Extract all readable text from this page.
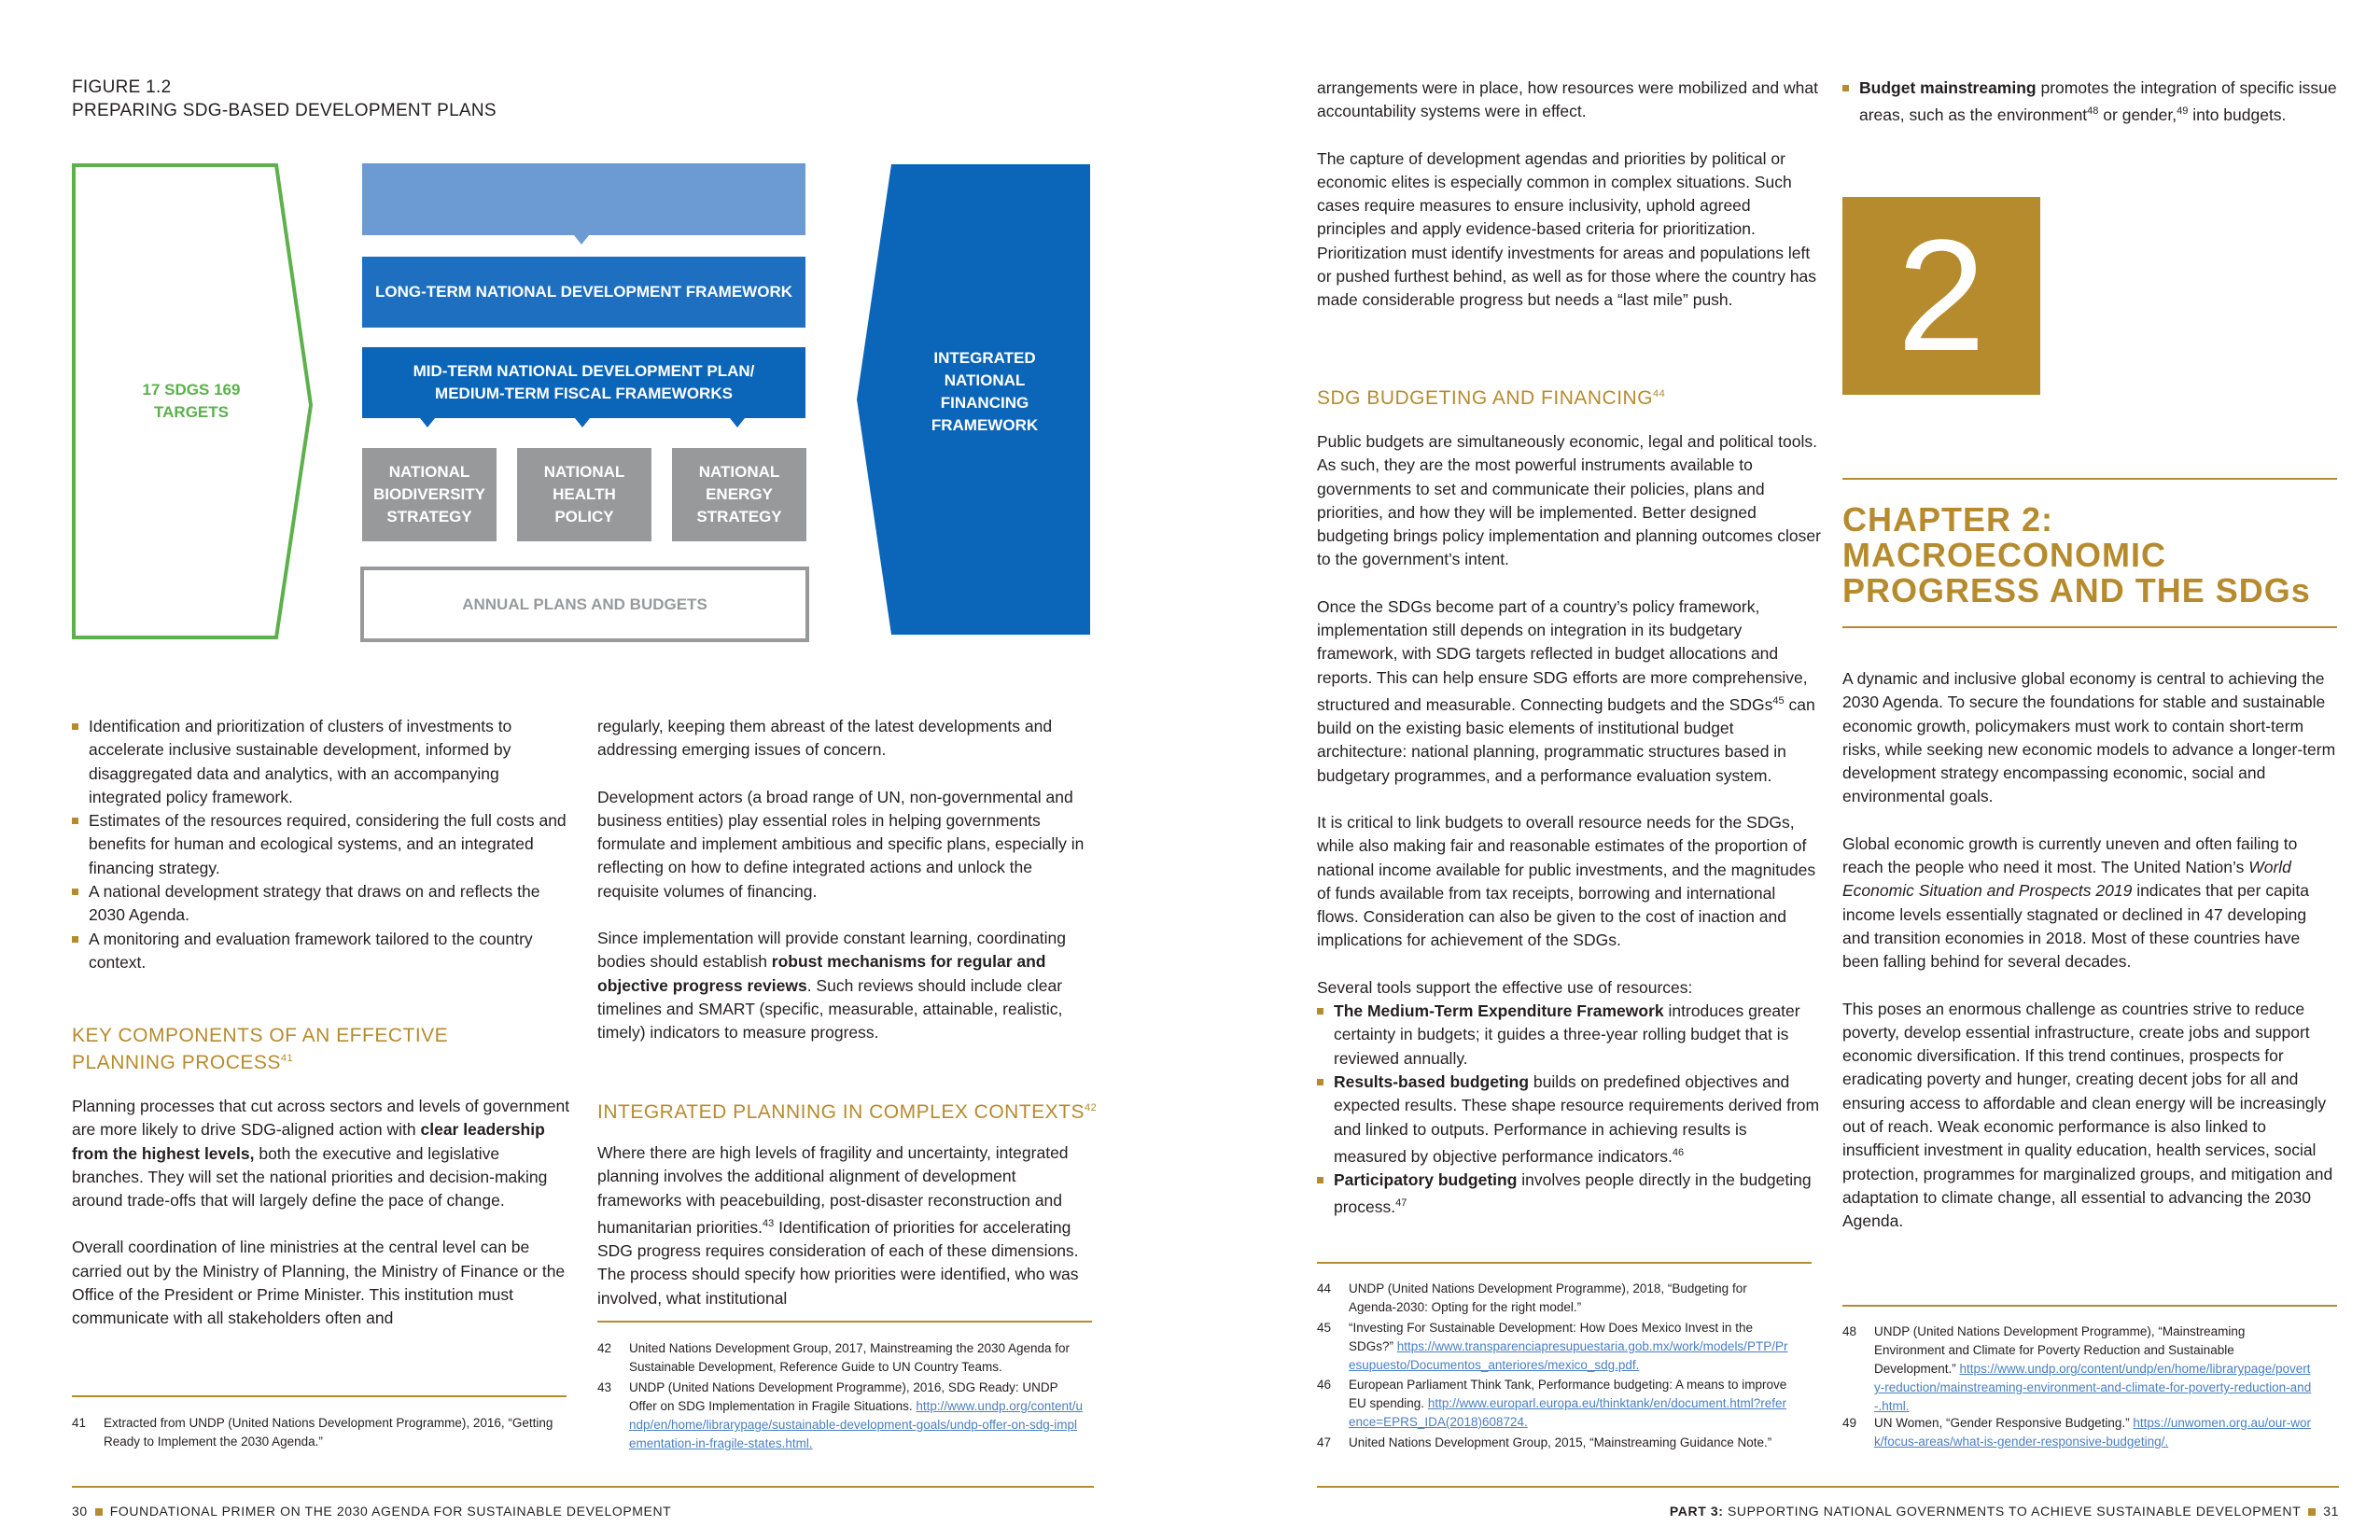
FIGURE 1.2
PREPARING SDG-BASED DEVELOPMENT PLANS
17 SDGS 169 TARGETS
LONG-TERM NATIONAL DEVELOPMENT FRAMEWORK
MID-TERM NATIONAL DEVELOPMENT PLAN/
MEDIUM-TERM FISCAL FRAMEWORKS
NATIONAL BIODIVERSITY STRATEGY
NATIONAL HEALTH POLICY
NATIONAL ENERGY STRATEGY
ANNUAL PLANS AND BUDGETS
INTEGRATED NATIONAL FINANCING FRAMEWORK
Identification and prioritization of clusters of investments to accelerate inclusive sustainable development, informed by disaggregated data and analytics, with an accompanying integrated policy framework.
Estimates of the resources required, considering the full costs and benefits for human and ecological systems, and an integrated financing strategy.
A national development strategy that draws on and reflects the 2030 Agenda.
A monitoring and evaluation framework tailored to the country context.
KEY COMPONENTS OF AN EFFECTIVE PLANNING PROCESS$^{41}$

Planning processes that cut across sectors and levels of government are more likely to drive SDG-aligned action with clear leadership from the highest levels, both the executive and legislative branches. They will set the national priorities and decision-making around trade-offs that will largely define the pace of change.

Overall coordination of line ministries at the central level can be carried out by the Ministry of Planning, the Ministry of Finance or the Office of the President or Prime Minister. This institution must communicate with all stakeholders often and

regularly, keeping them abreast of the latest developments and addressing emerging issues of concern.

Development actors (a broad range of UN, non-governmental and business entities) play essential roles in helping governments formulate and implement ambitious and specific plans, especially in reflecting on how to define integrated actions and unlock the requisite volumes of financing.

Since implementation will provide constant learning, coordinating bodies should establish robust mechanisms for regular and objective progress reviews. Such reviews should include clear timelines and SMART (specific, measurable, attainable, realistic, timely) indicators to measure progress.

INTEGRATED PLANNING IN COMPLEX CONTEXTS$^{42}$

Where there are high levels of fragility and uncertainty, integrated planning involves the additional alignment of development frameworks with peacebuilding, post-disaster reconstruction and humanitarian priorities.$^{43}$ Identification of priorities for accelerating SDG progress requires consideration of each of these dimensions. The process should specify how priorities were identified, who was involved, what institutional

41 Extracted from UNDP (United Nations Development Programme), 2016, “Getting Ready to Implement the 2030 Agenda.”
42 United Nations Development Group, 2017, Mainstreaming the 2030 Agenda for Sustainable Development, Reference Guide to UN Country Teams.
43 UNDP (United Nations Development Programme), 2016, SDG Ready: UNDP Offer on SDG Implementation in Fragile Situations. http://www.undp.org/content/undp/en/home/librarypage/sustainable-development-goals/undp-offer-on-sdg-implementation-in-fragile-states.html.
30 FOUNDATIONAL PRIMER ON THE 2030 AGENDA FOR SUSTAINABLE DEVELOPMENT

arrangements were in place, how resources were mobilized and what accountability systems were in effect.

The capture of development agendas and priorities by political or economic elites is especially common in complex situations. Such cases require measures to ensure inclusivity, uphold agreed principles and apply evidence-based criteria for prioritization. Prioritization must identify investments for areas and populations left or pushed furthest behind, as well as for those where the country has made considerable progress but needs a “last mile” push.

SDG BUDGETING AND FINANCING$^{44}$

Public budgets are simultaneously economic, legal and political tools. As such, they are the most powerful instruments available to governments to set and communicate their policies, plans and priorities, and how they will be implemented. Better designed budgeting brings policy implementation and planning outcomes closer to the government’s intent.

Once the SDGs become part of a country’s policy framework, implementation still depends on integration in its budgetary framework, with SDG targets reflected in budget allocations and reports. This can help ensure SDG efforts are more comprehensive, structured and measurable. Connecting budgets and the SDGs$^{45}$ can build on the existing basic elements of institutional budget architecture: national planning, programmatic structures based in budgetary programmes, and a performance evaluation system.

It is critical to link budgets to overall resource needs for the SDGs, while also making fair and reasonable estimates of the proportion of national income available for public investments, and the magnitudes of funds available from tax receipts, borrowing and international flows. Consideration can also be given to the cost of inaction and implications for achievement of the SDGs.

Several tools support the effective use of resources:

The Medium-Term Expenditure Framework introduces greater certainty in budgets; it guides a three-year rolling budget that is reviewed annually.
Results-based budgeting builds on predefined objectives and expected results. These shape resource requirements derived from and linked to outputs. Performance in achieving results is measured by objective performance indicators.$^{46}$
Participatory budgeting involves people directly in the budgeting process.$^{47}$
44 UNDP (United Nations Development Programme), 2018, “Budgeting for Agenda-2030: Opting for the right model.”
45 “Investing For Sustainable Development: How Does Mexico Invest in the SDGs?” https://www.transparenciapresupuestaria.gob.mx/work/models/PTP/Presupuesto/Documentos_anteriores/mexico_sdg.pdf.
46 European Parliament Think Tank, Performance budgeting: A means to improve EU spending. http://www.europarl.europa.eu/thinktank/en/document.html?reference=EPRS_IDA(2018)608724.
47 United Nations Development Group, 2015, “Mainstreaming Guidance Note.”
Budget mainstreaming promotes the integration of specific issue areas, such as the environment$^{48}$ or gender,$^{49}$ into budgets.
2
CHAPTER 2:
MACROECONOMIC
PROGRESS AND THE SDGs

A dynamic and inclusive global economy is central to achieving the 2030 Agenda. To secure the foundations for stable and sustainable economic growth, policymakers must work to contain short-term risks, while seeking new economic models to advance a longer-term development strategy encompassing economic, social and environmental goals.

Global economic growth is currently uneven and often failing to reach the people who need it most. The United Nation’s World Economic Situation and Prospects 2019 indicates that per capita income levels essentially stagnated or declined in 47 developing and transition economies in 2018. Most of these countries have been falling behind for several decades.

This poses an enormous challenge as countries strive to reduce poverty, develop essential infrastructure, create jobs and support economic diversification. If this trend continues, prospects for eradicating poverty and hunger, creating decent jobs for all and ensuring access to affordable and clean energy will be increasingly out of reach. Weak economic performance is also linked to insufficient investment in quality education, health services, social protection, programmes for marginalized groups, and mitigation and adaptation to climate change, all essential to advancing the 2030 Agenda.

48 UNDP (United Nations Development Programme), “Mainstreaming Environment and Climate for Poverty Reduction and Sustainable Development.” https://www.undp.org/content/undp/en/home/librarypage/poverty-reduction/mainstreaming-environment-and-climate-for-poverty-reduction-and-.html.
49 UN Women, “Gender Responsive Budgeting.” https://unwomen.org.au/our-work/focus-areas/what-is-gender-responsive-budgeting/.
PART 3: SUPPORTING NATIONAL GOVERNMENTS TO ACHIEVE SUSTAINABLE DEVELOPMENT 31
